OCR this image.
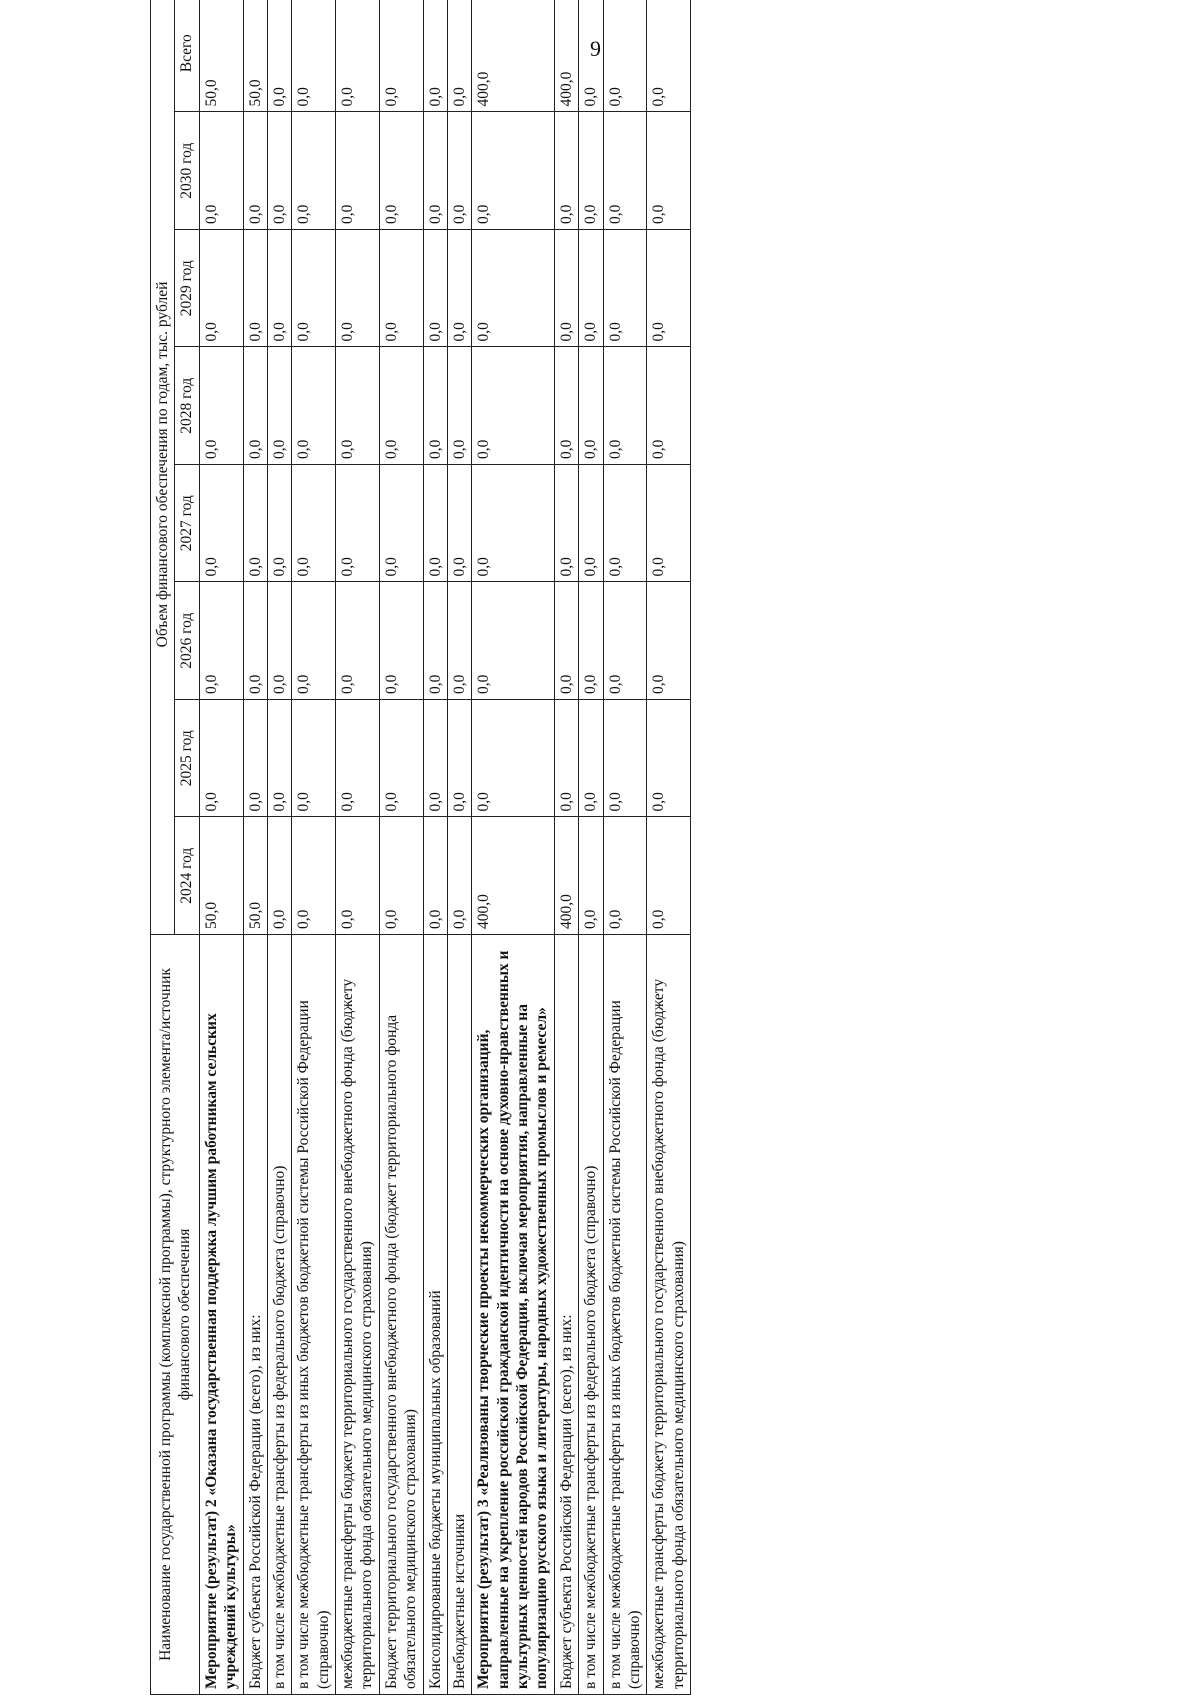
9
Наименование государственной программы (комплексной программы), структурного элемента/источник финансового обеспечения	Объем финансового обеспечения по годам, тыс. рублей							
	2024 год	2025 год	2026 год	2027 год	2028 год	2029 год	2030 год	Всего
Мероприятие (результат) 2 «Оказана государственная поддержка лучшим работникам сельских учреждений культуры»	50,0	0,0	0,0	0,0	0,0	0,0	0,0	50,0
Бюджет субъекта Российской Федерации (всего), из них:	50,0	0,0	0,0	0,0	0,0	0,0	0,0	50,0
в том числе межбюджетные трансферты из федерального бюджета (справочно)	0,0	0,0	0,0	0,0	0,0	0,0	0,0	0,0
в том числе межбюджетные трансферты из иных бюджетов бюджетной системы Российской Федерации (справочно)	0,0	0,0	0,0	0,0	0,0	0,0	0,0	0,0
межбюджетные трансферты бюджету территориального государственного внебюджетного фонда (бюджету территориального фонда обязательного медицинского страхования)	0,0	0,0	0,0	0,0	0,0	0,0	0,0	0,0
Бюджет территориального государственного внебюджетного фонда (бюджет территориального фонда обязательного медицинского страхования)	0,0	0,0	0,0	0,0	0,0	0,0	0,0	0,0
Консолидированные бюджеты муниципальных образований	0,0	0,0	0,0	0,0	0,0	0,0	0,0	0,0
Внебюджетные источники	0,0	0,0	0,0	0,0	0,0	0,0	0,0	0,0
Мероприятие (результат) 3 «Реализованы творческие проекты некоммерческих организаций, направленные на укрепление российской гражданской идентичности на основе духовно-нравственных и культурных ценностей народов Российской Федерации, включая мероприятия, направленные на популяризацию русского языка и литературы, народных художественных промыслов и ремесел»	400,0	0,0	0,0	0,0	0,0	0,0	0,0	400,0
Бюджет субъекта Российской Федерации (всего), из них:	400,0	0,0	0,0	0,0	0,0	0,0	0,0	400,0
в том числе межбюджетные трансферты из федерального бюджета (справочно)	0,0	0,0	0,0	0,0	0,0	0,0	0,0	0,0
в том числе межбюджетные трансферты из иных бюджетов бюджетной системы Российской Федерации (справочно)	0,0	0,0	0,0	0,0	0,0	0,0	0,0	0,0
межбюджетные трансферты бюджету территориального государственного внебюджетного фонда (бюджету территориального фонда обязательного медицинского страхования)	0,0	0,0	0,0	0,0	0,0	0,0	0,0	0,0
